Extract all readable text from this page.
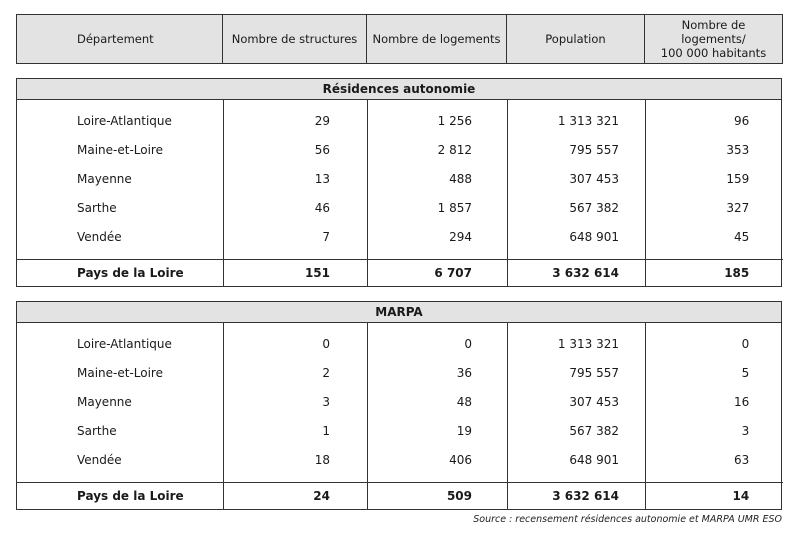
Département	Nombre de structures	Nombre de logements	Population	Nombre de logements/
100 000 habitants
Résidences autonomie
Loire-Atlantique	29	1 256	1 313 321	96
Maine-et-Loire	56	2 812	795 557	353
Mayenne	13	488	307 453	159
Sarthe	46	1 857	567 382	327
Vendée	7	294	648 901	45

Pays de la Loire	151	6 707	3 632 614	185
MARPA
Loire-Atlantique	0	0	1 313 321	0
Maine-et-Loire	2	36	795 557	5
Mayenne	3	48	307 453	16
Sarthe	1	19	567 382	3
Vendée	18	406	648 901	63

Pays de la Loire	24	509	3 632 614	14
Source : recensement résidences autonomie et MARPA UMR ESO
